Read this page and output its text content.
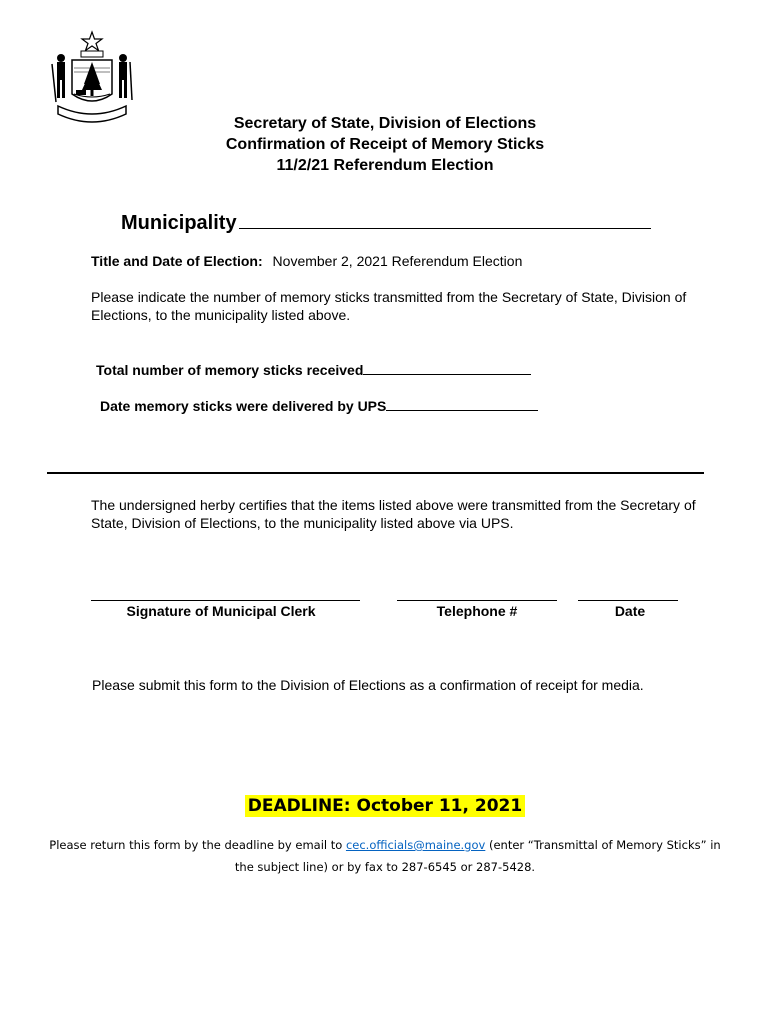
Secretary of State, Division of Elections
Confirmation of Receipt of Memory Sticks
11/2/21 Referendum Election
Municipality
Title and Date of Election: November 2, 2021 Referendum Election
Please indicate the number of memory sticks transmitted from the Secretary of State, Division of Elections, to the municipality listed above.
Total number of memory sticks received
Date memory sticks were delivered by UPS
The undersigned herby certifies that the items listed above were transmitted from the Secretary of State, Division of Elections, to the municipality listed above via UPS.
Signature of Municipal Clerk	Telephone #	Date
Please submit this form to the Division of Elections as a confirmation of receipt for media.
DEADLINE: October 11, 2021
Please return this form by the deadline by email to cec.officials@maine.gov (enter “Transmittal of Memory Sticks” in the subject line) or by fax to 287-6545 or 287-5428.
